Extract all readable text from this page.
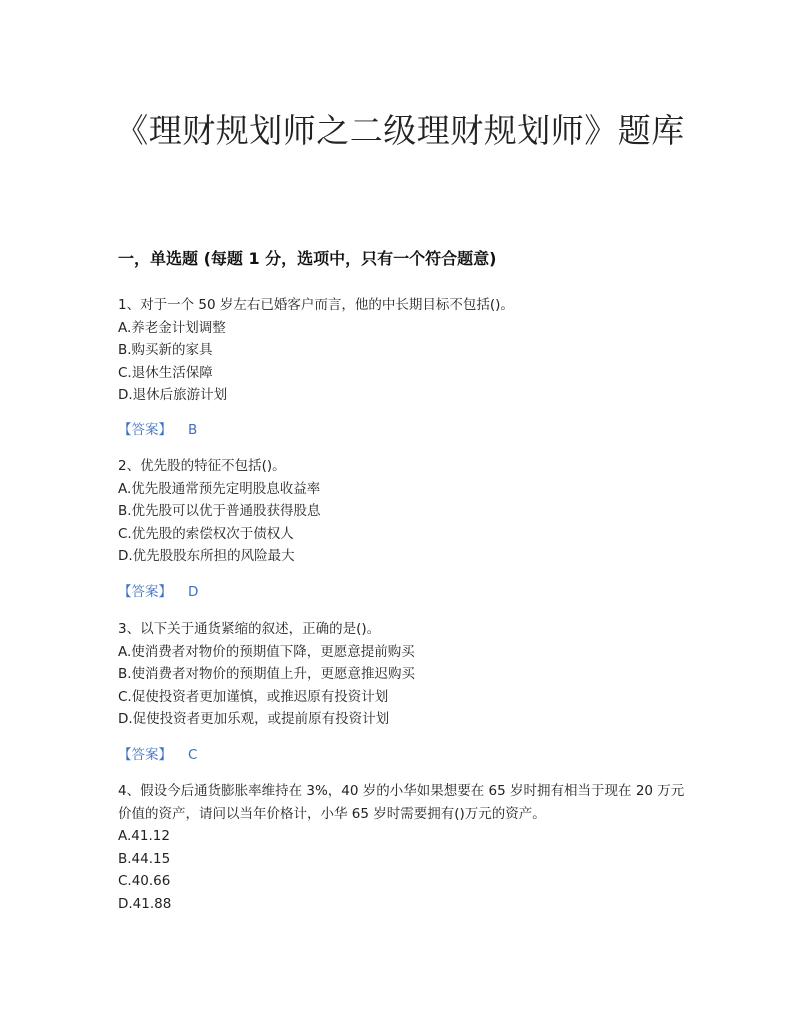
《理财规划师之二级理财规划师》题库
一，单选题 (每题 1 分，选项中，只有一个符合题意)

1、对于一个 50 岁左右已婚客户而言，他的中长期目标不包括()。

A.养老金计划调整

B.购买新的家具

C.退休生活保障

D.退休后旅游计划

【答案】 B

2、优先股的特征不包括()。

A.优先股通常预先定明股息收益率

B.优先股可以优于普通股获得股息

C.优先股的索偿权次于债权人

D.优先股股东所担的风险最大

【答案】 D

3、以下关于通货紧缩的叙述，正确的是()。

A.使消费者对物价的预期值下降，更愿意提前购买

B.使消费者对物价的预期值上升，更愿意推迟购买

C.促使投资者更加谨慎，或推迟原有投资计划

D.促使投资者更加乐观，或提前原有投资计划

【答案】 C

4、假设今后通货膨胀率维持在 3%，40 岁的小华如果想要在 65 岁时拥有相当于现在 20 万元价值的资产，请问以当年价格计，小华 65 岁时需要拥有()万元的资产。

A.41.12

B.44.15

C.40.66

D.41.88
